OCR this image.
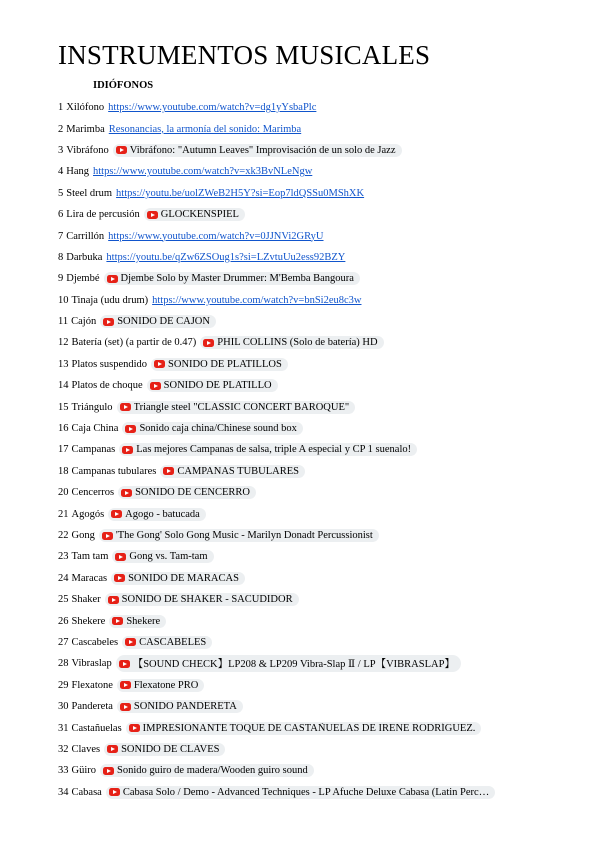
INSTRUMENTOS MUSICALES
IDIÓFONOS
1 Xilófono https://www.youtube.com/watch?v=dg1yYsbaPlc
2 Marimba Resonancias, la armonía del sonido: Marimba
3 Vibráfono Vibráfono: "Autumn Leaves" Improvisación de un solo de Jazz
4 Hang https://www.youtube.com/watch?v=xk3BvNLeNgw
5 Steel drum https://youtu.be/uolZWeB2H5Y?si=Eop7ldQSSu0MShXK
6 Lira de percusión GLOCKENSPIEL
7 Carrillón https://www.youtube.com/watch?v=0JJNVi2GRyU
8 Darbuka https://youtu.be/qZw6ZSOug1s?si=LZvtuUu2ess92BZY
9 Djembé Djembe Solo by Master Drummer: M'Bemba Bangoura
10 Tinaja (udu drum) https://www.youtube.com/watch?v=bnSi2eu8c3w
11 Cajón SONIDO DE CAJON
12 Batería (set) (a partir de 0.47) PHIL COLLINS (Solo de batería) HD
13 Platos suspendido SONIDO DE PLATILLOS
14 Platos de choque SONIDO DE PLATILLO
15 Triángulo Triangle steel "CLASSIC CONCERT BAROQUE"
16 Caja China Sonido caja china/Chinese sound box
17 Campanas Las mejores Campanas de salsa, triple A especial y CP 1 suenalo!
18 Campanas tubulares CAMPANAS TUBULARES
20 Cencerros SONIDO DE CENCERRO
21 Agogós Agogo - batucada
22 Gong 'The Gong' Solo Gong Music - Marilyn Donadt Percussionist
23 Tam tam Gong vs. Tam-tam
24 Maracas SONIDO DE MARACAS
25 Shaker SONIDO DE SHAKER - SACUDIDOR
26 Shekere Shekere
27 Cascabeles CASCABELES
28 Vibraslap 【SOUND CHECK】LP208 & LP209 Vibra-Slap Ⅱ / LP【VIBRASLAP】
29 Flexatone Flexatone PRO
30 Pandereta SONIDO PANDERETA
31 Castañuelas IMPRESIONANTE TOQUE DE CASTAÑUELAS DE IRENE RODRÍGUEZ.
32 Claves SONIDO DE CLAVES
33 Güiro Sonido guiro de madera/Wooden guiro sound
34 Cabasa Cabasa Solo / Demo - Advanced Techniques - LP Afuche Deluxe Cabasa (Latin Perc…
